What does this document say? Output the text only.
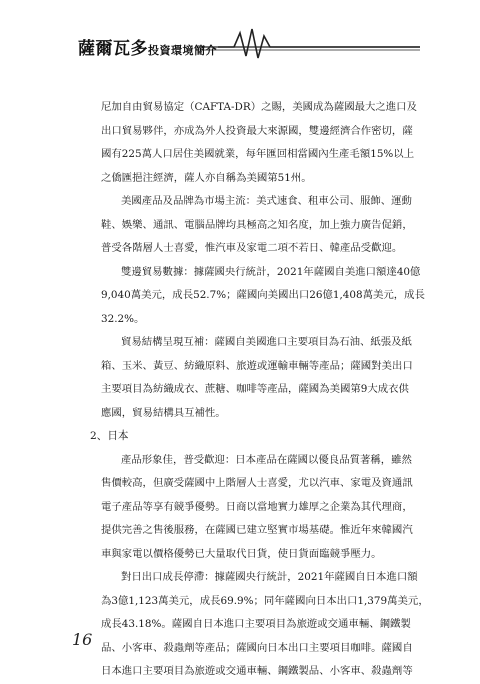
薩爾瓦多投資環境簡介
尼加自由貿易協定（CAFTA-DR）之賜，美國成為薩國最大之進口及
出口貿易夥伴，亦成為外人投資最大來源國，雙邊經濟合作密切，薩
國有225萬人口居住美國就業，每年匯回相當國內生產毛額15%以上
之僑匯挹注經濟，薩人亦自稱為美國第51州。
美國產品及品牌為市場主流：美式速食、租車公司、服飾、運動
鞋、娛樂、通訊、電腦品牌均具極高之知名度，加上強力廣告促銷，
普受各階層人士喜愛，惟汽車及家電二項不若日、韓產品受歡迎。
雙邊貿易數據：據薩國央行統計，2021年薩國自美進口額達40億
9,040萬美元，成長52.7%；薩國向美國出口26億1,408萬美元，成長
32.2%。
貿易結構呈現互補：薩國自美國進口主要項目為石油、紙張及紙
箱、玉米、黃豆、紡織原料、旅遊或運輸車輛等產品；薩國對美出口
主要項目為紡織成衣、蔗糖、咖啡等產品，薩國為美國第9大成衣供
應國，貿易結構具互補性。
2、日本
產品形象佳，普受歡迎：日本產品在薩國以優良品質著稱，雖然
售價較高，但廣受薩國中上階層人士喜愛，尤以汽車、家電及資通訊
電子產品等享有競爭優勢。日商以當地實力雄厚之企業為其代理商，
提供完善之售後服務，在薩國已建立堅實市場基礎。惟近年來韓國汽
車與家電以價格優勢已大量取代日貨，使日貨面臨競爭壓力。
對日出口成長停滯：據薩國央行統計，2021年薩國自日本進口額
為3億1,123萬美元，成長69.9%；同年薩國向日本出口1,379萬美元，
成長43.18%。薩國自日本進口主要項目為旅遊或交通車輛、鋼鐵製
品、小客車、殺蟲劑等產品；薩國向日本出口主要項目咖啡。薩國自
日本進口主要項目為旅遊或交通車輛、鋼鐵製品、小客車、殺蟲劑等
16
